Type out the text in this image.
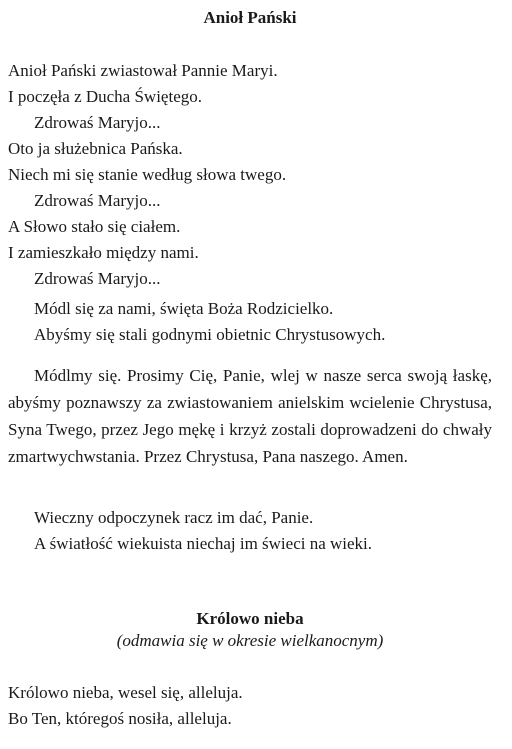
Anioł Pański

Anioł Pański zwiastował Pannie Maryi.

I poczęła z Ducha Świętego.

Zdrowaś Maryjo...

Oto ja służebnica Pańska.

Niech mi się stanie według słowa twego.

Zdrowaś Maryjo...

A Słowo stało się ciałem.

I zamieszkało między nami.

Zdrowaś Maryjo...

Módl się za nami, święta Boża Rodzicielko.

Abyśmy się stali godnymi obietnic Chrystusowych.

Módlmy się. Prosimy Cię, Panie, wlej w nasze serca swoją łaskę, abyśmy poznawszy za zwiastowaniem anielskim wcielenie Chrystusa, Syna Twego, przez Jego mękę i krzyż zostali doprowadzeni do chwały zmartwychwstania. Przez Chrystusa, Pana naszego. Amen.

Wieczny odpoczynek racz im dać, Panie.

A światłość wiekuista niechaj im świeci na wieki.

Królowo nieba

(odmawia się w okresie wielkanocnym)

Królowo nieba, wesel się, alleluja.

Bo Ten, któregoś nosiła, alleluja.
